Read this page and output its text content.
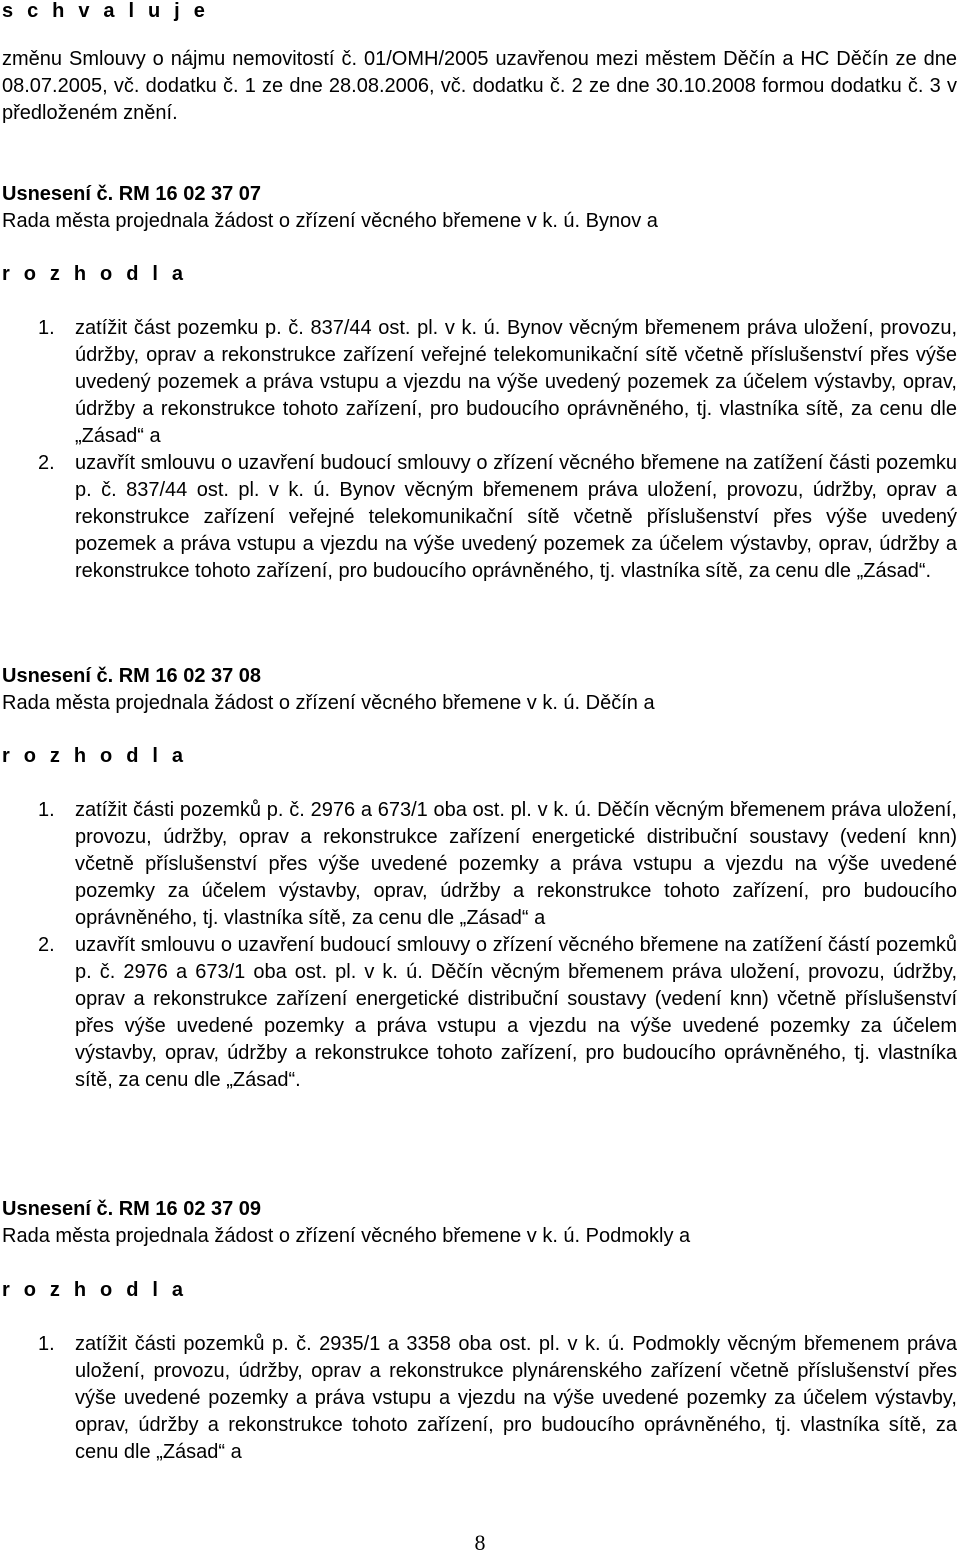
s c h v a l u j e
změnu Smlouvy o nájmu nemovitostí č. 01/OMH/2005 uzavřenou mezi městem Děčín a HC Děčín ze dne 08.07.2005, vč. dodatku č. 1 ze dne 28.08.2006, vč. dodatku č. 2 ze dne 30.10.2008 formou dodatku č. 3 v předloženém znění.
Usnesení č. RM 16 02 37 07
Rada města projednala žádost o zřízení věcného břemene v k. ú. Bynov a
r o z h o d l a
1.	zatížit část pozemku p. č. 837/44 ost. pl. v k. ú. Bynov věcným břemenem práva uložení, provozu, údržby, oprav a rekonstrukce zařízení veřejné telekomunikační sítě včetně příslušenství přes výše uvedený pozemek a práva vstupu a vjezdu na výše uvedený pozemek za účelem výstavby, oprav, údržby a rekonstrukce tohoto zařízení, pro budoucího oprávněného, tj. vlastníka sítě, za cenu dle „Zásad“ a
2.	uzavřít smlouvu o uzavření budoucí smlouvy o zřízení věcného břemene na zatížení části pozemku p. č. 837/44 ost. pl. v k. ú. Bynov věcným břemenem práva uložení, provozu, údržby, oprav a rekonstrukce zařízení veřejné telekomunikační sítě včetně příslušenství přes výše uvedený pozemek a práva vstupu a vjezdu na výše uvedený pozemek za účelem výstavby, oprav, údržby a rekonstrukce tohoto zařízení, pro budoucího oprávněného, tj. vlastníka sítě, za cenu dle „Zásad“.
Usnesení č. RM 16 02 37 08
Rada města projednala žádost o zřízení věcného břemene v k. ú. Děčín a
r o z h o d l a
1.	zatížit části pozemků p. č. 2976 a 673/1 oba ost. pl. v k. ú. Děčín věcným břemenem práva uložení, provozu, údržby, oprav a rekonstrukce zařízení energetické distribuční soustavy (vedení knn) včetně příslušenství přes výše uvedené pozemky a práva vstupu a vjezdu na výše uvedené pozemky za účelem výstavby, oprav, údržby a rekonstrukce tohoto zařízení, pro budoucího oprávněného, tj. vlastníka sítě, za cenu dle „Zásad“ a
2.	uzavřít smlouvu o uzavření budoucí smlouvy o zřízení věcného břemene na zatížení částí pozemků p. č. 2976 a 673/1 oba ost. pl. v k. ú. Děčín věcným břemenem práva uložení, provozu, údržby, oprav a rekonstrukce zařízení energetické distribuční soustavy (vedení knn) včetně příslušenství přes výše uvedené pozemky a práva vstupu a vjezdu na výše uvedené pozemky za účelem výstavby, oprav, údržby a rekonstrukce tohoto zařízení, pro budoucího oprávněného, tj. vlastníka sítě, za cenu dle „Zásad“.
Usnesení č. RM 16 02 37 09
Rada města projednala žádost o zřízení věcného břemene v k. ú. Podmokly a
r o z h o d l a
1.	zatížit části pozemků p. č. 2935/1 a 3358 oba ost. pl. v k. ú. Podmokly věcným břemenem práva uložení, provozu, údržby, oprav a rekonstrukce plynárenského zařízení včetně příslušenství přes výše uvedené pozemky a práva vstupu a vjezdu na výše uvedené pozemky za účelem výstavby, oprav, údržby a rekonstrukce tohoto zařízení, pro budoucího oprávněného, tj. vlastníka sítě, za cenu dle „Zásad“ a
8
